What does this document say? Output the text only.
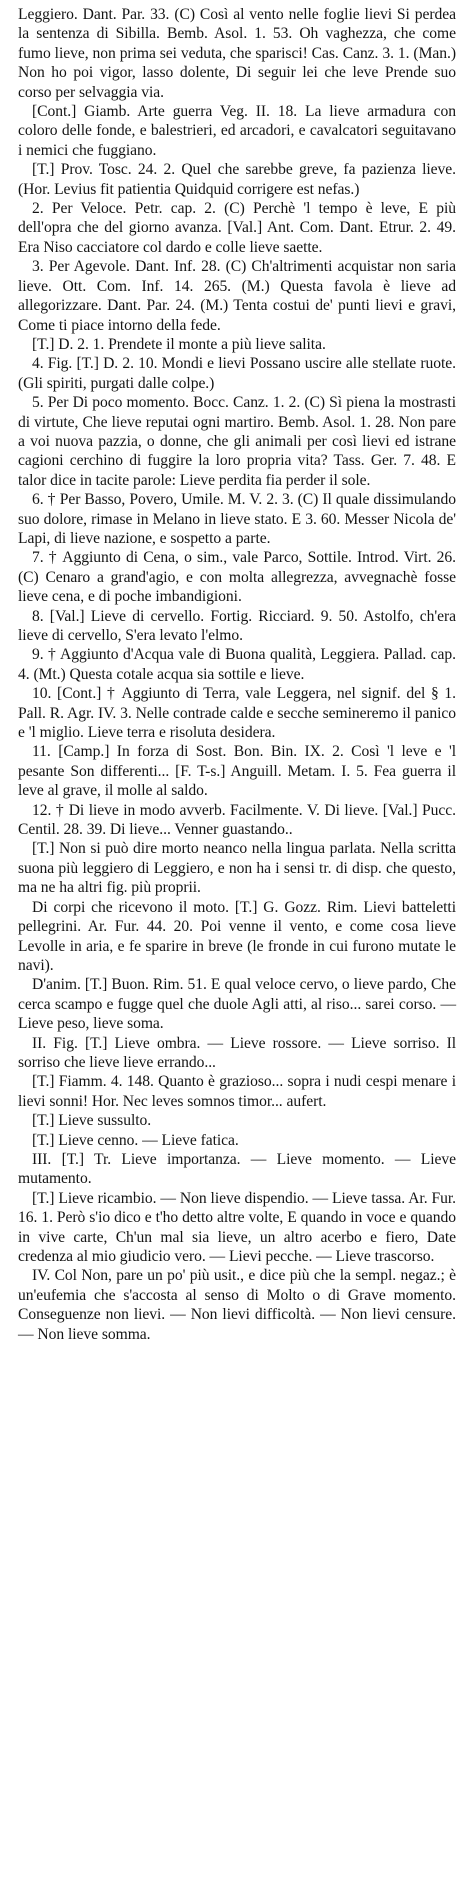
Leggiero. Dant. Par. 33. (C) Così al vento nelle foglie lievi Si perdea la sentenza di Sibilla. Bemb. Asol. 1. 53. Oh vaghezza, che come fumo lieve, non prima sei veduta, che sparisci! Cas. Canz. 3. 1. (Man.) Non ho poi vigor, lasso dolente, Di seguir lei che leve Prende suo corso per selvaggia via.

[Cont.] Giamb. Arte guerra Veg. II. 18. La lieve armadura con coloro delle fonde, e balestrieri, ed arcadori, e cavalcatori seguitavano i nemici che fuggiano.

[T.] Prov. Tosc. 24. 2. Quel che sarebbe greve, fa pazienza lieve. (Hor. Levius fit patientia Quidquid corrigere est nefas.)

2. Per Veloce. Petr. cap. 2. (C) Perchè 'l tempo è leve, E più dell'opra che del giorno avanza. [Val.] Ant. Com. Dant. Etrur. 2. 49. Era Niso cacciatore col dardo e colle lieve saette.

3. Per Agevole. Dant. Inf. 28. (C) Ch'altrimenti acquistar non saria lieve. Ott. Com. Inf. 14. 265. (M.) Questa favola è lieve ad allegorizzare. Dant. Par. 24. (M.) Tenta costui de' punti lievi e gravi, Come ti piace intorno della fede.

[T.] D. 2. 1. Prendete il monte a più lieve salita.

4. Fig. [T.] D. 2. 10. Mondi e lievi Possano uscire alle stellate ruote. (Gli spiriti, purgati dalle colpe.)

5. Per Di poco momento. Bocc. Canz. 1. 2. (C) Sì piena la mostrasti di virtute, Che lieve reputai ogni martiro. Bemb. Asol. 1. 28. Non pare a voi nuova pazzia, o donne, che gli animali per così lievi ed istrane cagioni cerchino di fuggire la loro propria vita? Tass. Ger. 7. 48. E talor dice in tacite parole: Lieve perdita fia perder il sole.

6. † Per Basso, Povero, Umile. M. V. 2. 3. (C) Il quale dissimulando suo dolore, rimase in Melano in lieve stato. E 3. 60. Messer Nicola de' Lapi, di lieve nazione, e sospetto a parte.

7. † Aggiunto di Cena, o sim., vale Parco, Sottile. Introd. Virt. 26. (C) Cenaro a grand'agio, e con molta allegrezza, avvegnachè fosse lieve cena, e di poche imbandigioni.

8. [Val.] Lieve di cervello. Fortig. Ricciard. 9. 50. Astolfo, ch'era lieve di cervello, S'era levato l'elmo.

9. † Aggiunto d'Acqua vale di Buona qualità, Leggiera. Pallad. cap. 4. (Mt.) Questa cotale acqua sia sottile e lieve.

10. [Cont.] † Aggiunto di Terra, vale Leggera, nel signif. del § 1. Pall. R. Agr. IV. 3. Nelle contrade calde e secche semineremo il panico e 'l miglio. Lieve terra e risoluta desidera.

11. [Camp.] In forza di Sost. Bon. Bin. IX. 2. Così 'l leve e 'l pesante Son differenti... [F. T-s.] Anguill. Metam. I. 5. Fea guerra il leve al grave, il molle al saldo.

12. † Di lieve in modo avverb. Facilmente. V. Di lieve. [Val.] Pucc. Centil. 28. 39. Di lieve... Venner guastando..

[T.] Non si può dire morto neanco nella lingua parlata. Nella scritta suona più leggiero di Leggiero, e non ha i sensi tr. di disp. che questo, ma ne ha altri fig. più proprii.

Di corpi che ricevono il moto. [T.] G. Gozz. Rim. Lievi batteletti pellegrini. Ar. Fur. 44. 20. Poi venne il vento, e come cosa lieve Levolle in aria, e fe sparire in breve (le fronde in cui furono mutate le navi).

D'anim. [T.] Buon. Rim. 51. E qual veloce cervo, o lieve pardo, Che cerca scampo e fugge quel che duole Agli atti, al riso... sarei corso. — Lieve peso, lieve soma.

II. Fig. [T.] Lieve ombra. — Lieve rossore. — Lieve sorriso. Il sorriso che lieve lieve errando...

[T.] Fiamm. 4. 148. Quanto è grazioso... sopra i nudi cespi menare i lievi sonni! Hor. Nec leves somnos timor... aufert.

[T.] Lieve sussulto.

[T.] Lieve cenno. — Lieve fatica.

III. [T.] Tr. Lieve importanza. — Lieve momento. — Lieve mutamento.

[T.] Lieve ricambio. — Non lieve dispendio. — Lieve tassa. Ar. Fur. 16. 1. Però s'io dico e t'ho detto altre volte, E quando in voce e quando in vive carte, Ch'un mal sia lieve, un altro acerbo e fiero, Date credenza al mio giudicio vero. — Lievi pecche. — Lieve trascorso.

IV. Col Non, pare un po' più usit., e dice più che la sempl. negaz.; è un'eufemia che s'accosta al senso di Molto o di Grave momento. Conseguenze non lievi. — Non lievi difficoltà. — Non lievi censure. — Non lieve somma.
